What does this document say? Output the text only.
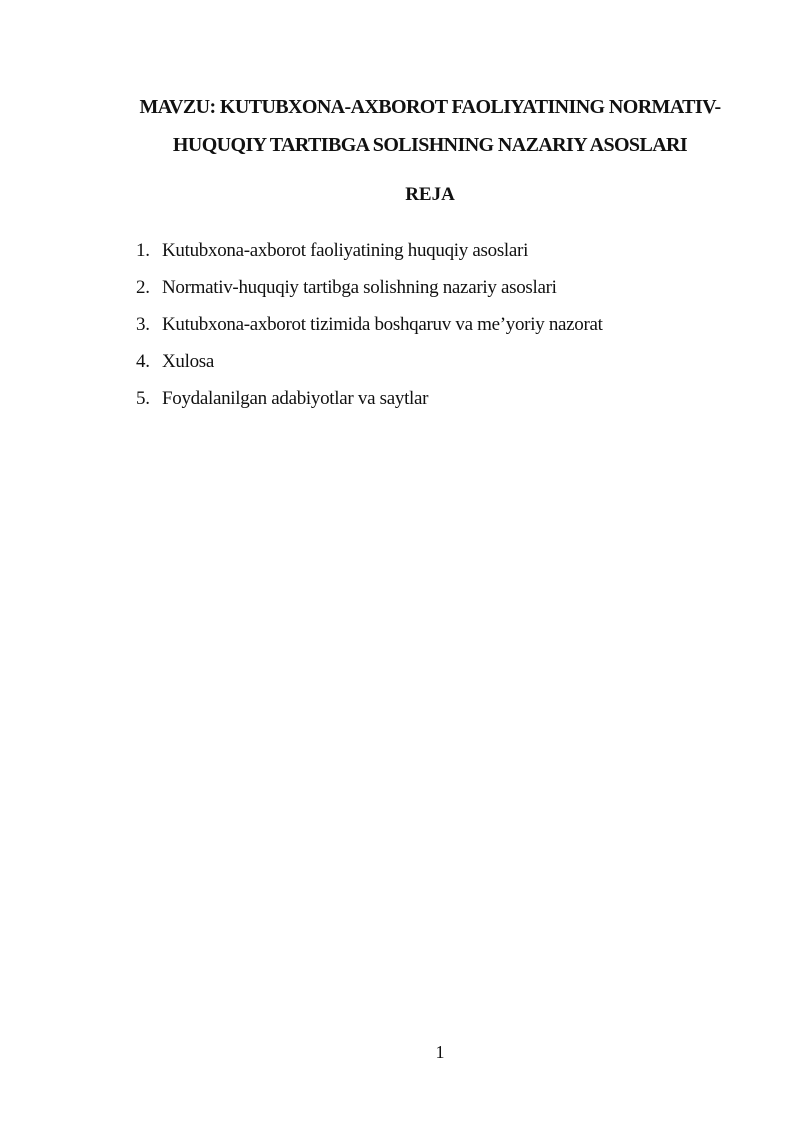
MAVZU: KUTUBXONA-AXBOROT FAOLIYATINING NORMATIV-
HUQUQIY TARTIBGA SOLISHNING NAZARIY ASOSLARI
REJA
1. Kutubxona-axborot faoliyatining huquqiy asoslari
2. Normativ-huquqiy tartibga solishning nazariy asoslari
3. Kutubxona-axborot tizimida boshqaruv va me’yoriy nazorat
4. Xulosa
5. Foydalanilgan adabiyotlar va saytlar
1
